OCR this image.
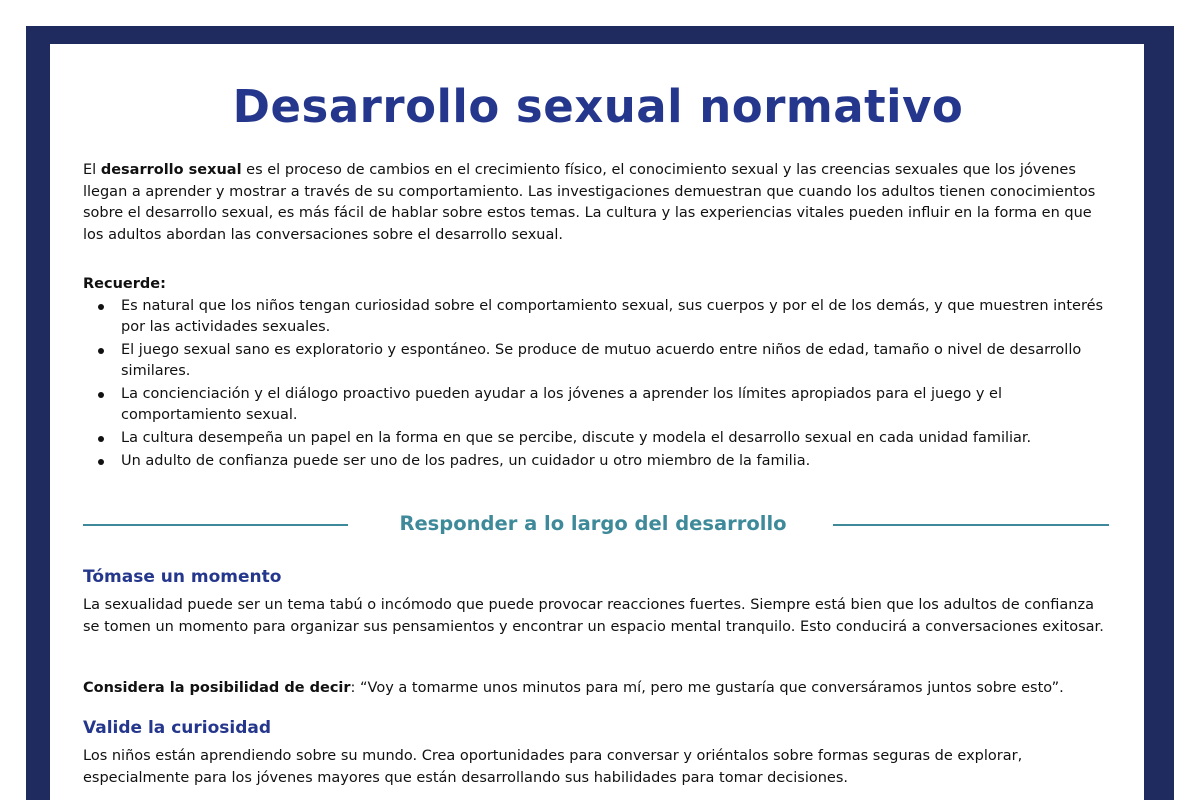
Desarrollo sexual normativo

El desarrollo sexual es el proceso de cambios en el crecimiento físico, el conocimiento sexual y las creencias sexuales que los jóvenes llegan a aprender y mostrar a través de su comportamiento. Las investigaciones demuestran que cuando los adultos tienen conocimientos sobre el desarrollo sexual, es más fácil de hablar sobre estos temas. La cultura y las experiencias vitales pueden influir en la forma en que los adultos abordan las conversaciones sobre el desarrollo sexual.

Recuerde:

Es natural que los niños tengan curiosidad sobre el comportamiento sexual, sus cuerpos y por el de los demás, y que muestren interés por las actividades sexuales.
El juego sexual sano es exploratorio y espontáneo. Se produce de mutuo acuerdo entre niños de edad, tamaño o nivel de desarrollo similares.
La concienciación y el diálogo proactivo pueden ayudar a los jóvenes a aprender los límites apropiados para el juego y el comportamiento sexual.
La cultura desempeña un papel en la forma en que se percibe, discute y modela el desarrollo sexual en cada unidad familiar.
Un adulto de confianza puede ser uno de los padres, un cuidador u otro miembro de la familia.
Responder a lo largo del desarrollo
Tómase un momento

La sexualidad puede ser un tema tabú o incómodo que puede provocar reacciones fuertes. Siempre está bien que los adultos de confianza se tomen un momento para organizar sus pensamientos y encontrar un espacio mental tranquilo. Esto conducirá a conversaciones exitosar.

Considera la posibilidad de decir: “Voy a tomarme unos minutos para mí, pero me gustaría que conversáramos juntos sobre esto”.

Valide la curiosidad

Los niños están aprendiendo sobre su mundo. Crea oportunidades para conversar y oriéntalos sobre formas seguras de explorar, especialmente para los jóvenes mayores que están desarrollando sus habilidades para tomar decisiones.
